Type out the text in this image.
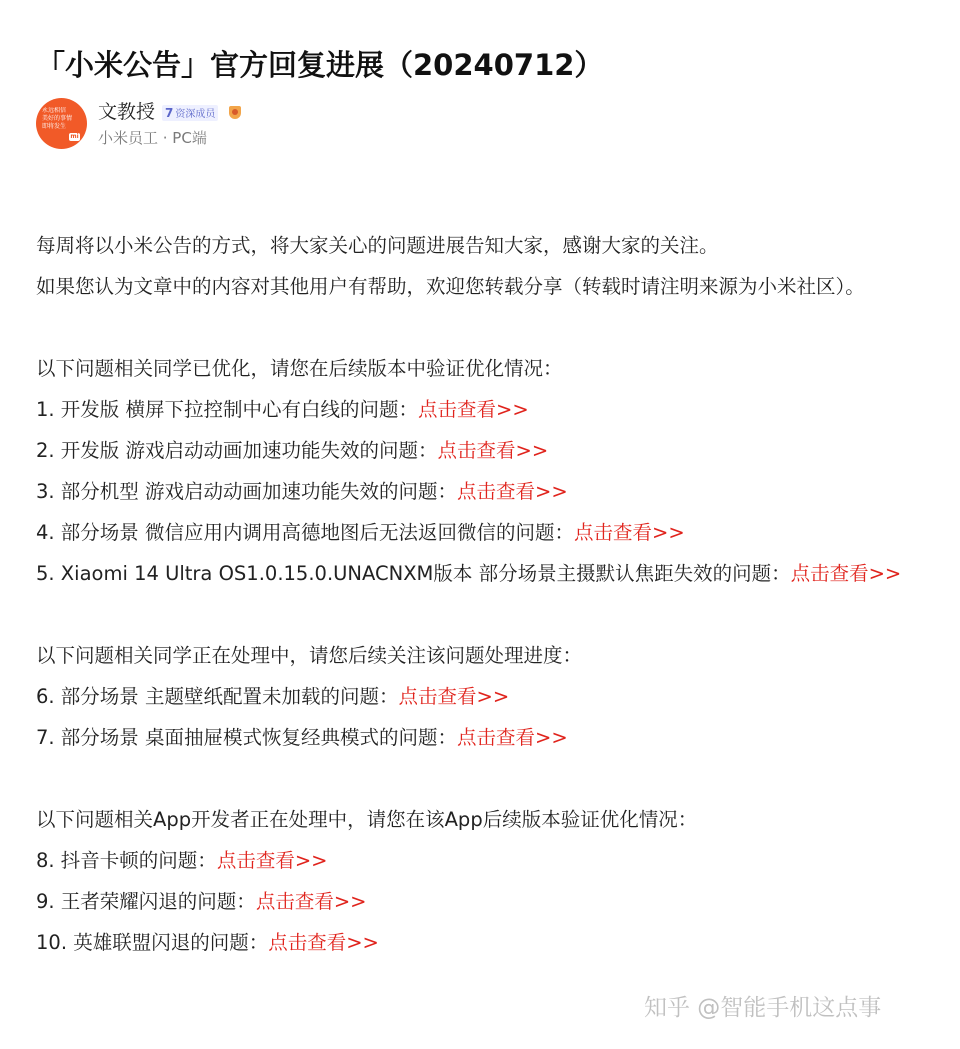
「小米公告」官方回复进展（20240712）
永远相信
美好的事情
即将发生
mi
文教授 7 资深成员
小米员工 · PC端

每周将以小米公告的方式，将大家关心的问题进展告知大家，感谢大家的关注。

如果您认为文章中的内容对其他用户有帮助，欢迎您转载分享（转载时请注明来源为小米社区）。

以下问题相关同学已优化，请您在后续版本中验证优化情况：

1. 开发版 横屏下拉控制中心有白线的问题：点击查看>>

2. 开发版 游戏启动动画加速功能失效的问题：点击查看>>

3. 部分机型 游戏启动动画加速功能失效的问题：点击查看>>

4. 部分场景 微信应用内调用高德地图后无法返回微信的问题：点击查看>>

5. Xiaomi 14 Ultra OS1.0.15.0.UNACNXM版本 部分场景主摄默认焦距失效的问题：点击查看>>

以下问题相关同学正在处理中，请您后续关注该问题处理进度：

6. 部分场景 主题壁纸配置未加载的问题：点击查看>>

7. 部分场景 桌面抽屉模式恢复经典模式的问题：点击查看>>

以下问题相关App开发者正在处理中，请您在该App后续版本验证优化情况：

8. 抖音卡顿的问题：点击查看>>

9. 王者荣耀闪退的问题：点击查看>>

10. 英雄联盟闪退的问题：点击查看>>

知乎 @智能手机这点事
